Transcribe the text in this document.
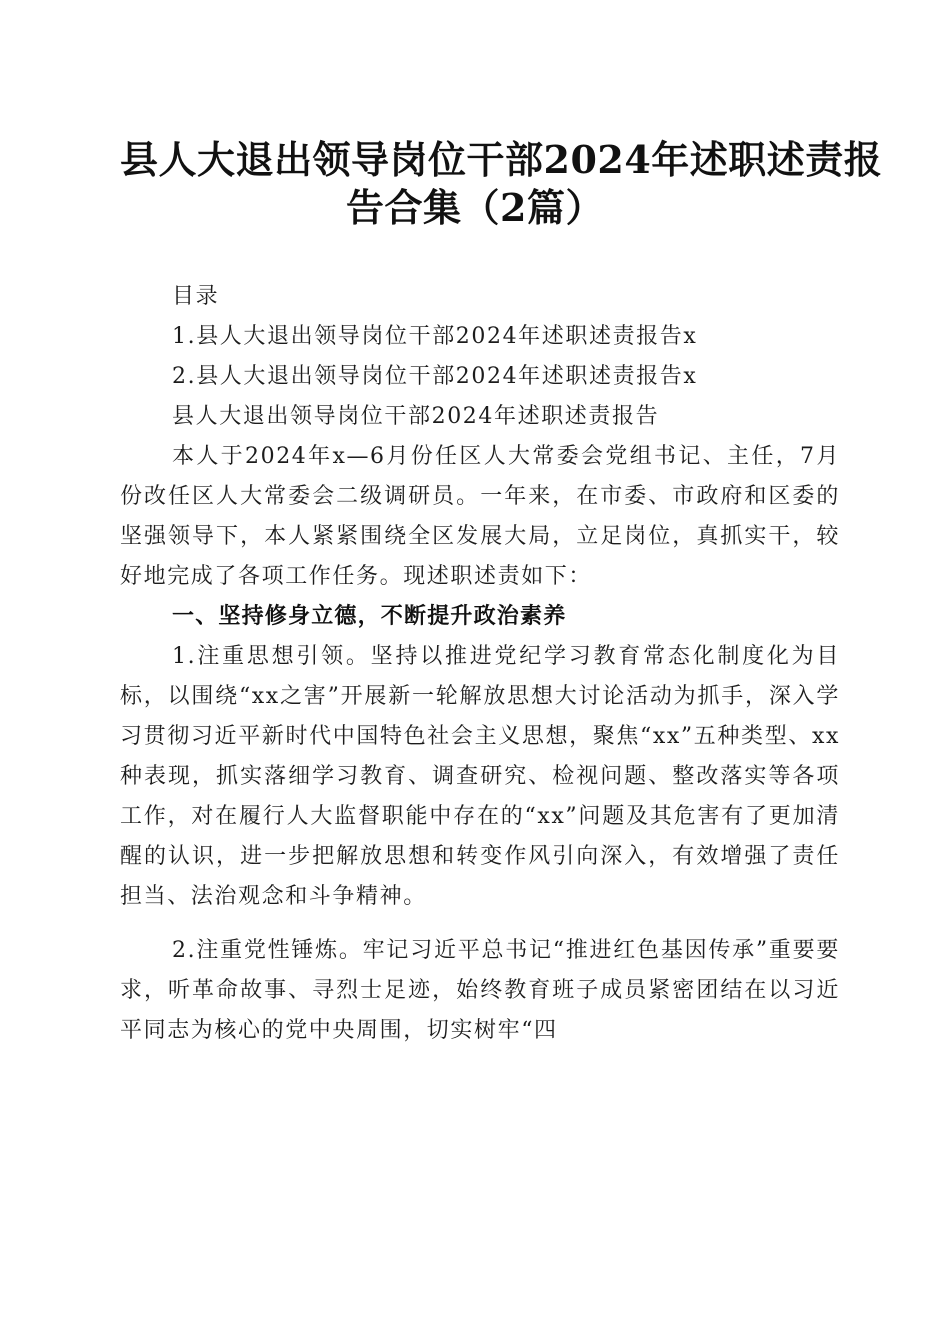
县人大退出领导岗位干部2024年述职述责报
告合集（2篇）

目录

1.县人大退出领导岗位干部2024年述职述责报告x

2.县人大退出领导岗位干部2024年述职述责报告x

县人大退出领导岗位干部2024年述职述责报告

本人于2024年x—6月份任区人大常委会党组书记、主任，7月份改任区人大常委会二级调研员。一年来，在市委、市政府和区委的坚强领导下，本人紧紧围绕全区发展大局，立足岗位，真抓实干，较好地完成了各项工作任务。现述职述责如下：

一、坚持修身立德，不断提升政治素养

1.注重思想引领。坚持以推进党纪学习教育常态化制度化为目标，以围绕“xx之害”开展新一轮解放思想大讨论活动为抓手，深入学习贯彻习近平新时代中国特色社会主义思想，聚焦“xx”五种类型、xx种表现，抓实落细学习教育、调查研究、检视问题、整改落实等各项工作，对在履行人大监督职能中存在的“xx”问题及其危害有了更加清醒的认识，进一步把解放思想和转变作风引向深入，有效增强了责任担当、法治观念和斗争精神。

2.注重党性锤炼。牢记习近平总书记“推进红色基因传承”重要要求，听革命故事、寻烈士足迹，始终教育班子成员紧密团结在以习近平同志为核心的党中央周围，切实树牢“四
